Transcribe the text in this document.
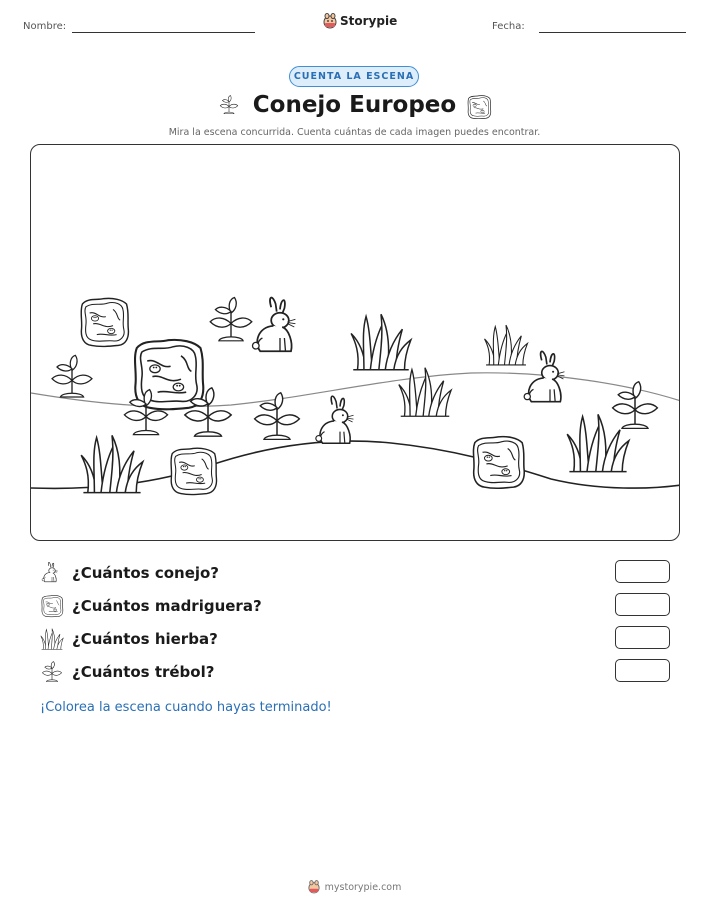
Nombre:	Storypie	Fecha:
CUENTA LA ESCENA
Conejo Europeo
Mira la escena concurrida. Cuenta cuántas de cada imagen puedes encontrar.
¿Cuántos conejo?
¿Cuántos madriguera?
¿Cuántos hierba?
¿Cuántos trébol?
¡Colorea la escena cuando hayas terminado!
mystorypie.com
